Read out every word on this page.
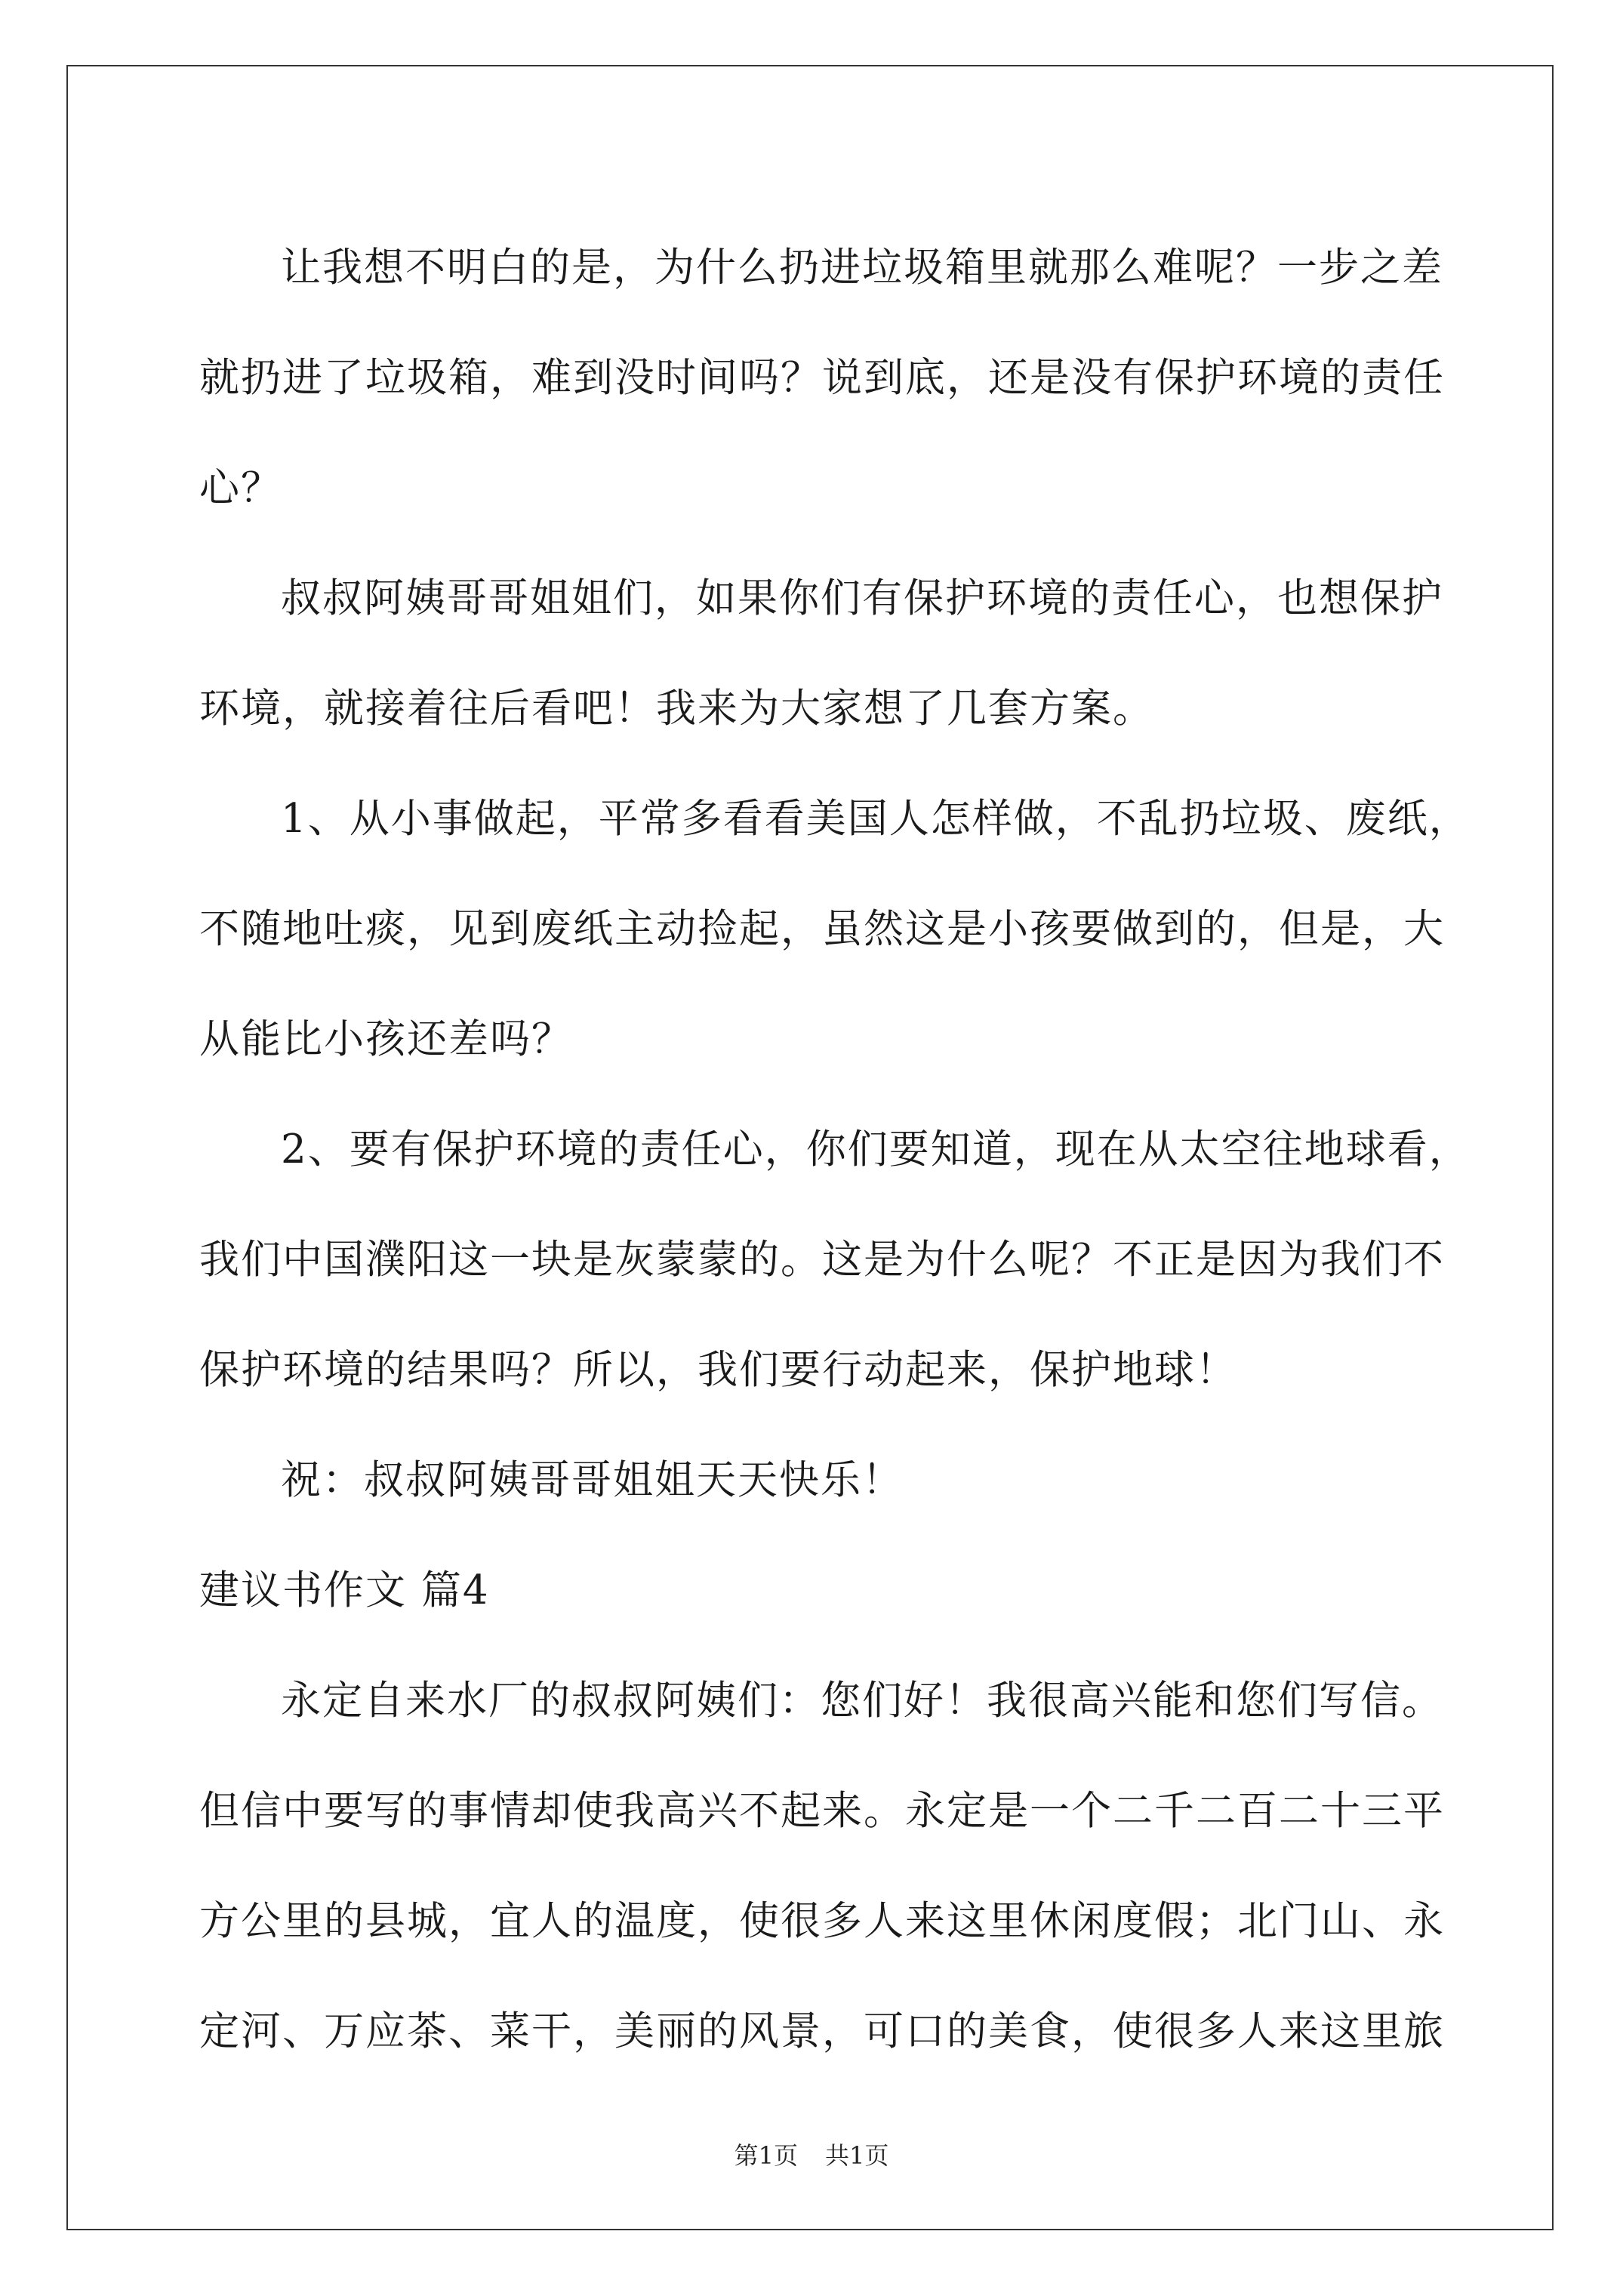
让我想不明白的是，为什么扔进垃圾箱里就那么难呢？一步之差
就扔进了垃圾箱，难到没时间吗？说到底，还是没有保护环境的责任
心？
叔叔阿姨哥哥姐姐们，如果你们有保护环境的责任心，也想保护
环境，就接着往后看吧！我来为大家想了几套方案。
1、从小事做起，平常多看看美国人怎样做，不乱扔垃圾、废纸，
不随地吐痰，见到废纸主动捡起，虽然这是小孩要做到的，但是，大
从能比小孩还差吗？
2、要有保护环境的责任心，你们要知道，现在从太空往地球看，
我们中国濮阳这一块是灰蒙蒙的。这是为什么呢？不正是因为我们不
保护环境的结果吗？所以，我们要行动起来，保护地球！
祝：叔叔阿姨哥哥姐姐天天快乐！
建议书作文 篇4
永定自来水厂的叔叔阿姨们：您们好！我很高兴能和您们写信。
但信中要写的事情却使我高兴不起来。永定是一个二千二百二十三平
方公里的县城，宜人的温度，使很多人来这里休闲度假；北门山、永
定河、万应茶、菜干，美丽的风景，可口的美食，使很多人来这里旅
第1页 共1页
